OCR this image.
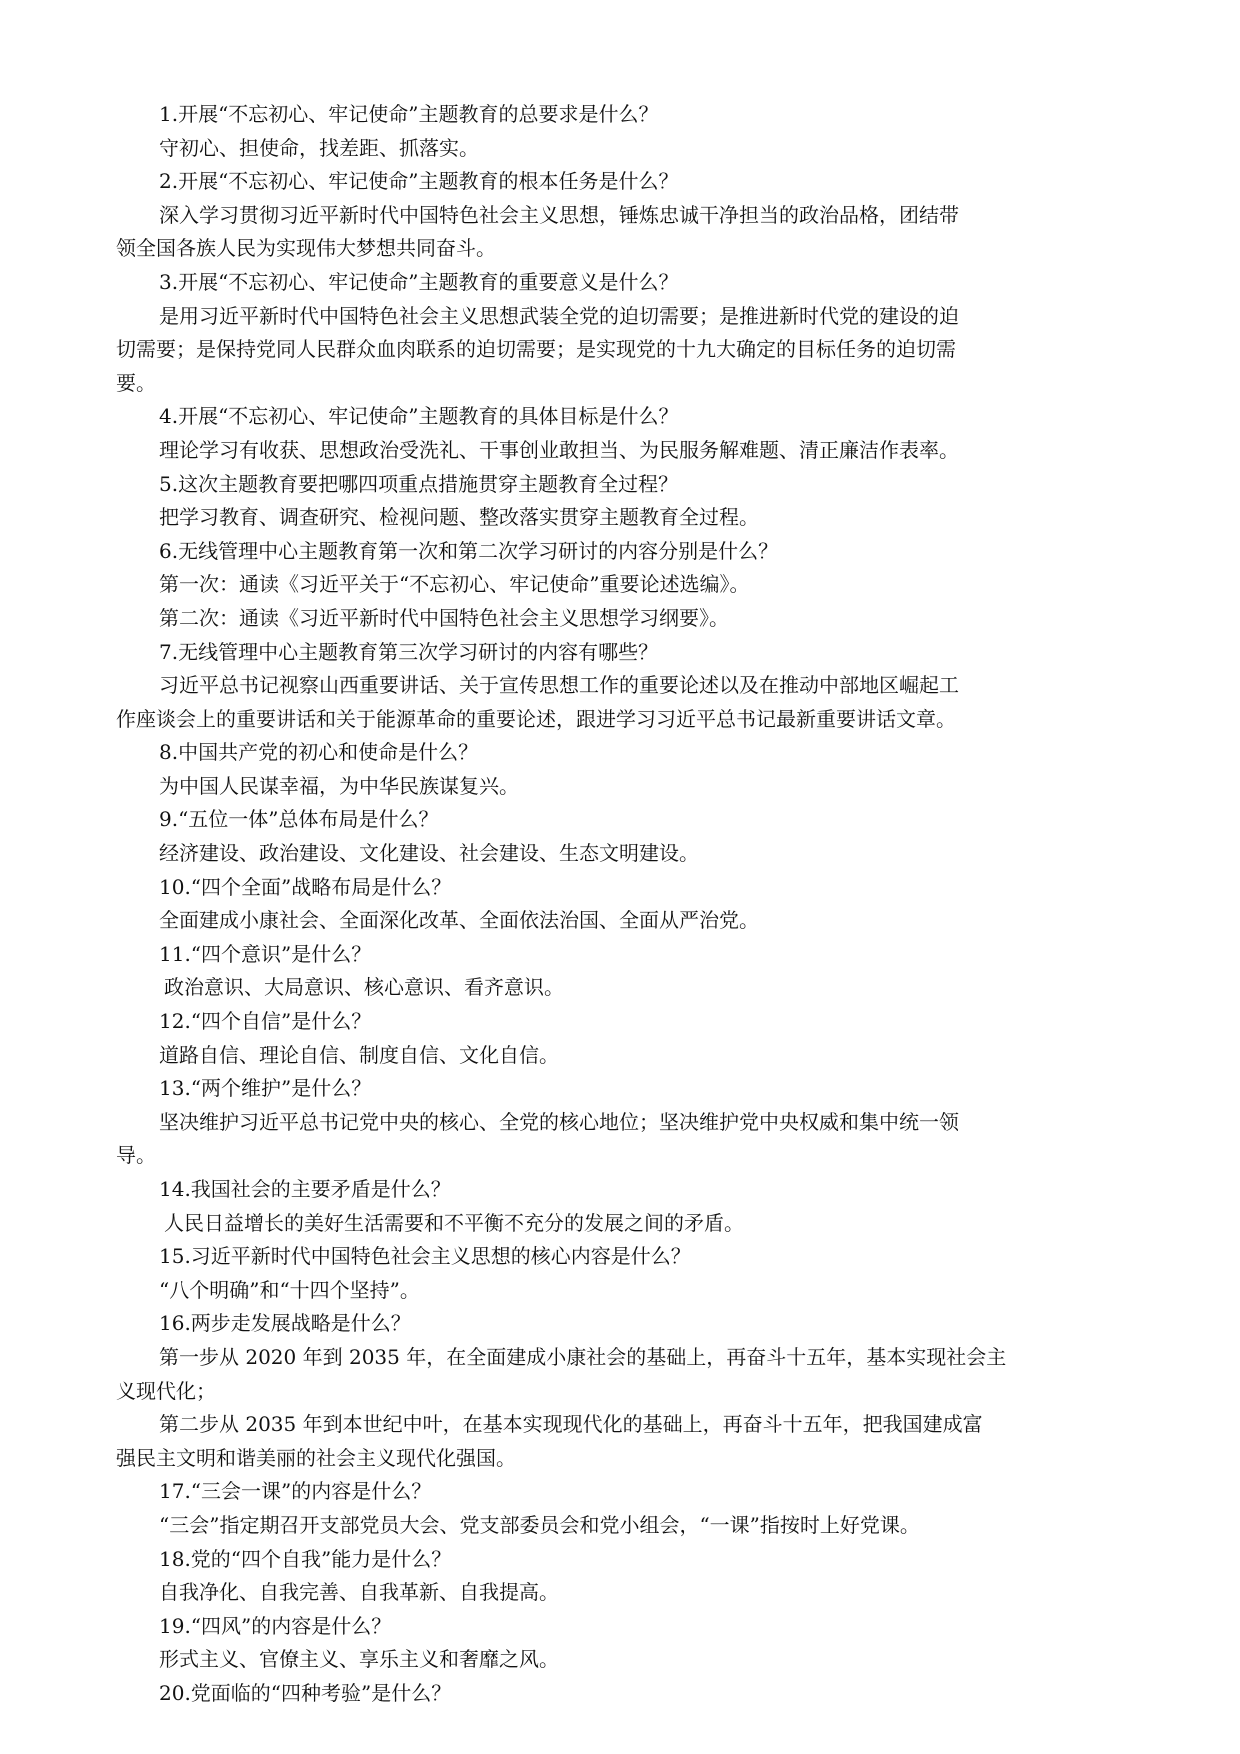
1.开展“不忘初心、牢记使命”主题教育的总要求是什么？
守初心、担使命，找差距、抓落实。
2.开展“不忘初心、牢记使命”主题教育的根本任务是什么？
深入学习贯彻习近平新时代中国特色社会主义思想，锤炼忠诚干净担当的政治品格，团结带
领全国各族人民为实现伟大梦想共同奋斗。
3.开展“不忘初心、牢记使命”主题教育的重要意义是什么？
是用习近平新时代中国特色社会主义思想武装全党的迫切需要；是推进新时代党的建设的迫
切需要；是保持党同人民群众血肉联系的迫切需要；是实现党的十九大确定的目标任务的迫切需
要。
4.开展“不忘初心、牢记使命”主题教育的具体目标是什么？
理论学习有收获、思想政治受洗礼、干事创业敢担当、为民服务解难题、清正廉洁作表率。
5.这次主题教育要把哪四项重点措施贯穿主题教育全过程？
把学习教育、调查研究、检视问题、整改落实贯穿主题教育全过程。
6.无线管理中心主题教育第一次和第二次学习研讨的内容分别是什么？
第一次：通读《习近平关于“不忘初心、牢记使命”重要论述选编》。
第二次：通读《习近平新时代中国特色社会主义思想学习纲要》。
7.无线管理中心主题教育第三次学习研讨的内容有哪些？
习近平总书记视察山西重要讲话、关于宣传思想工作的重要论述以及在推动中部地区崛起工
作座谈会上的重要讲话和关于能源革命的重要论述，跟进学习习近平总书记最新重要讲话文章。
8.中国共产党的初心和使命是什么？
为中国人民谋幸福，为中华民族谋复兴。
9.“五位一体”总体布局是什么？
经济建设、政治建设、文化建设、社会建设、生态文明建设。
10.“四个全面”战略布局是什么？
全面建成小康社会、全面深化改革、全面依法治国、全面从严治党。
11.“四个意识”是什么？
政治意识、大局意识、核心意识、看齐意识。
12.“四个自信”是什么？
道路自信、理论自信、制度自信、文化自信。
13.“两个维护”是什么？
坚决维护习近平总书记党中央的核心、全党的核心地位；坚决维护党中央权威和集中统一领
导。
14.我国社会的主要矛盾是什么？
人民日益增长的美好生活需要和不平衡不充分的发展之间的矛盾。
15.习近平新时代中国特色社会主义思想的核心内容是什么？
“八个明确”和“十四个坚持”。
16.两步走发展战略是什么？
第一步从 2020 年到 2035 年，在全面建成小康社会的基础上，再奋斗十五年，基本实现社会主
义现代化；
第二步从 2035 年到本世纪中叶，在基本实现现代化的基础上，再奋斗十五年，把我国建成富
强民主文明和谐美丽的社会主义现代化强国。
17.“三会一课”的内容是什么？
“三会”指定期召开支部党员大会、党支部委员会和党小组会，“一课”指按时上好党课。
18.党的“四个自我”能力是什么？
自我净化、自我完善、自我革新、自我提高。
19.“四风”的内容是什么？
形式主义、官僚主义、享乐主义和奢靡之风。
20.党面临的“四种考验”是什么？
